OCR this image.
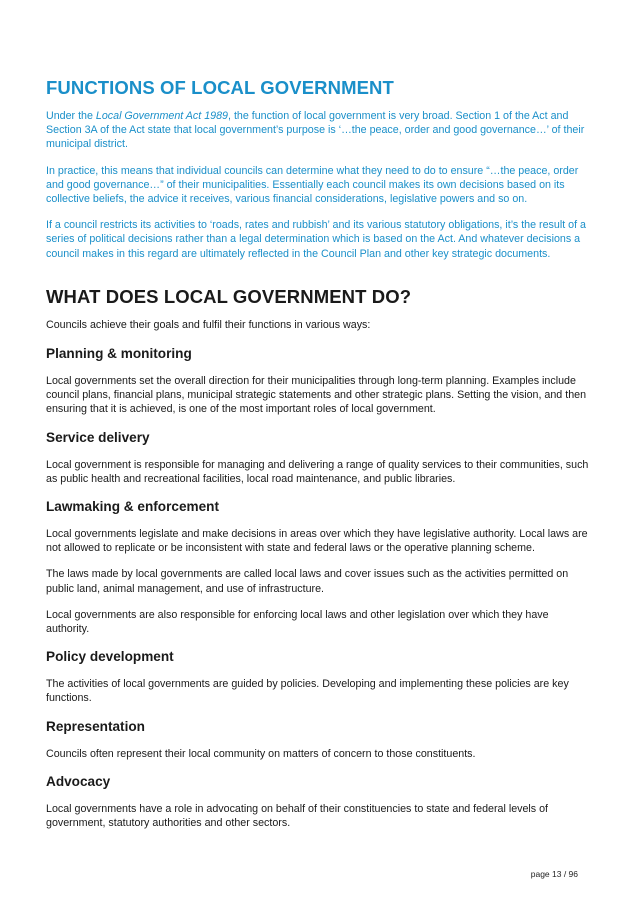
FUNCTIONS OF LOCAL GOVERNMENT

Under the Local Government Act 1989, the function of local government is very broad. Section 1 of the Act and Section 3A of the Act state that local government’s purpose is ‘…the peace, order and good governance…’ of their municipal district.

In practice, this means that individual councils can determine what they need to do to ensure “…the peace, order and good governance…” of their municipalities. Essentially each council makes its own decisions based on its collective beliefs, the advice it receives, various financial considerations, legislative powers and so on.

If a council restricts its activities to ‘roads, rates and rubbish’ and its various statutory obligations, it’s the result of a series of political decisions rather than a legal determination which is based on the Act. And whatever decisions a council makes in this regard are ultimately reflected in the Council Plan and other key strategic documents.

WHAT DOES LOCAL GOVERNMENT DO?

Councils achieve their goals and fulfil their functions in various ways:

Planning & monitoring

Local governments set the overall direction for their municipalities through long-term planning. Examples include council plans, financial plans, municipal strategic statements and other strategic plans. Setting the vision, and then ensuring that it is achieved, is one of the most important roles of local government.

Service delivery

Local government is responsible for managing and delivering a range of quality services to their communities, such as public health and recreational facilities, local road maintenance, and public libraries.

Lawmaking & enforcement

Local governments legislate and make decisions in areas over which they have legislative authority. Local laws are not allowed to replicate or be inconsistent with state and federal laws or the operative planning scheme.

The laws made by local governments are called local laws and cover issues such as the activities permitted on public land, animal management, and use of infrastructure.

Local governments are also responsible for enforcing local laws and other legislation over which they have authority.

Policy development

The activities of local governments are guided by policies. Developing and implementing these policies are key functions.

Representation

Councils often represent their local community on matters of concern to those constituents.

Advocacy

Local governments have a role in advocating on behalf of their constituencies to state and federal levels of government, statutory authorities and other sectors.

page 13 / 96
